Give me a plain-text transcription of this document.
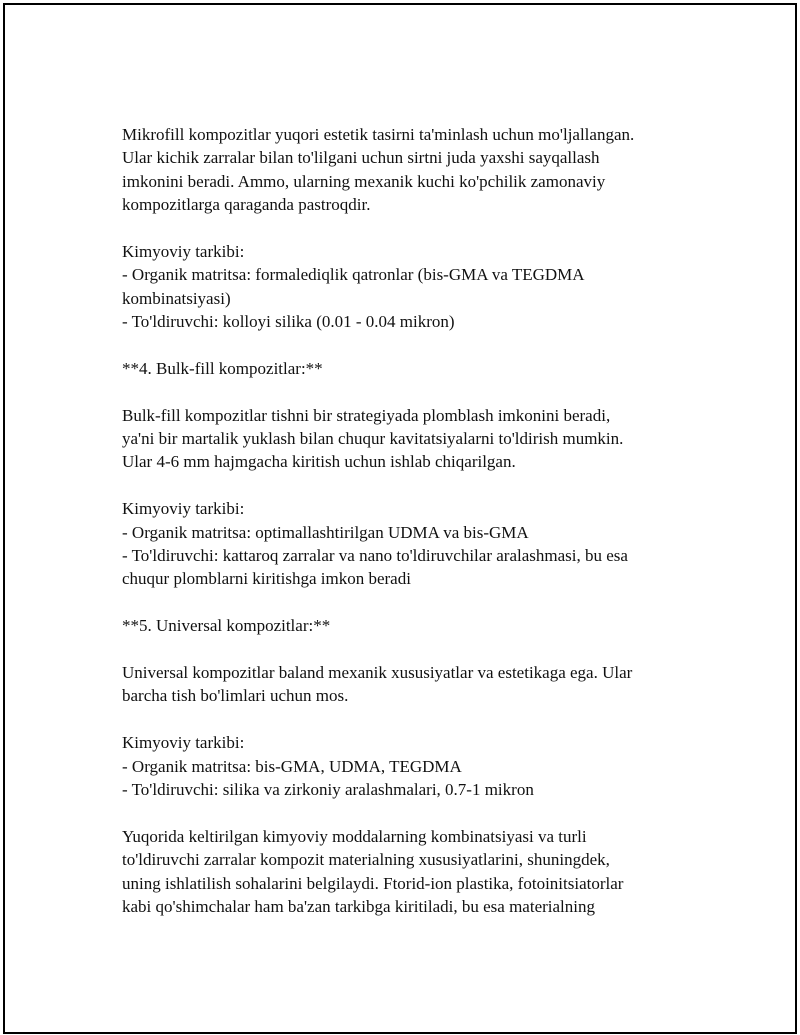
Mikrofill kompozitlar yuqori estetik tasirni ta'minlash uchun mo'ljallangan.
Ular kichik zarralar bilan to'lilgani uchun sirtni juda yaxshi sayqallash
imkonini beradi. Ammo, ularning mexanik kuchi ko'pchilik zamonaviy
kompozitlarga qaraganda pastroqdir.
Kimyoviy tarkibi:
- Organik matritsa: formalediqlik qatronlar (bis-GMA va TEGDMA
kombinatsiyasi)
- To'ldiruvchi: kolloyi silika (0.01 - 0.04 mikron)
**4. Bulk-fill kompozitlar:**
Bulk-fill kompozitlar tishni bir strategiyada plomblash imkonini beradi,
ya'ni bir martalik yuklash bilan chuqur kavitatsiyalarni to'ldirish mumkin.
Ular 4-6 mm hajmgacha kiritish uchun ishlab chiqarilgan.
Kimyoviy tarkibi:
- Organik matritsa: optimallashtirilgan UDMA va bis-GMA
- To'ldiruvchi: kattaroq zarralar va nano to'ldiruvchilar aralashmasi, bu esa
chuqur plomblarni kiritishga imkon beradi
**5. Universal kompozitlar:**
Universal kompozitlar baland mexanik xususiyatlar va estetikaga ega. Ular
barcha tish bo'limlari uchun mos.
Kimyoviy tarkibi:
- Organik matritsa: bis-GMA, UDMA, TEGDMA
- To'ldiruvchi: silika va zirkoniy aralashmalari, 0.7-1 mikron
Yuqorida keltirilgan kimyoviy moddalarning kombinatsiyasi va turli
to'ldiruvchi zarralar kompozit materialning xususiyatlarini, shuningdek,
uning ishlatilish sohalarini belgilaydi. Ftorid-ion plastika, fotoinitsiatorlar
kabi qo'shimchalar ham ba'zan tarkibga kiritiladi, bu esa materialning
